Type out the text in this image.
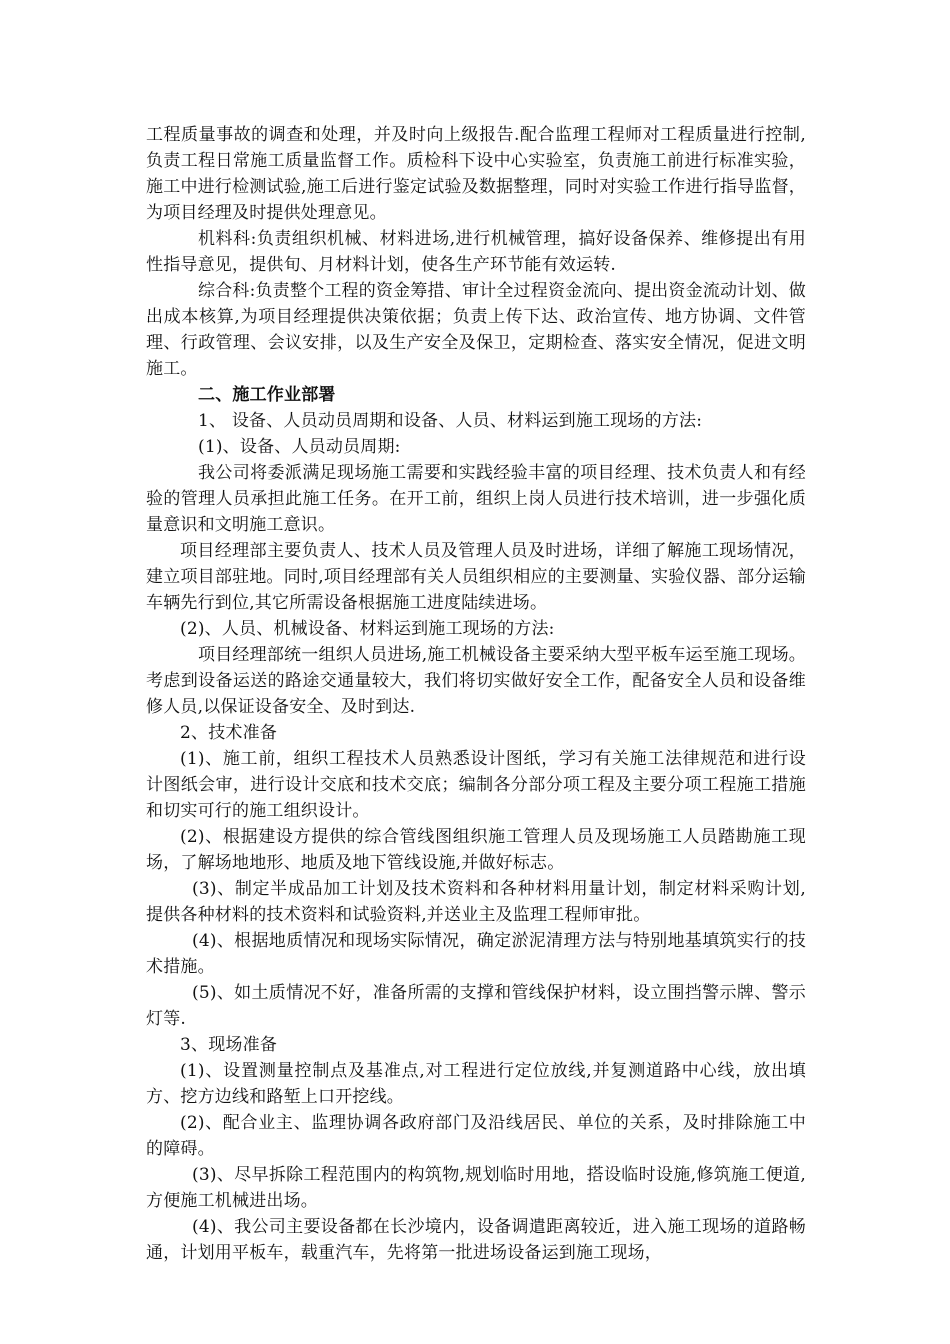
工程质量事故的调查和处理，并及时向上级报告.配合监理工程师对工程质量进行控制,负责工程日常施工质量监督工作。质检科下设中心实验室，负责施工前进行标准实验，施工中进行检测试验,施工后进行鉴定试验及数据整理，同时对实验工作进行指导监督，为项目经理及时提供处理意见。

机料科:负责组织机械、材料进场,进行机械管理，搞好设备保养、维修提出有用性指导意见，提供旬、月材料计划，使各生产环节能有效运转.

综合科:负责整个工程的资金筹措、审计全过程资金流向、提出资金流动计划、做出成本核算,为项目经理提供决策依据；负责上传下达、政治宣传、地方协调、文件管理、行政管理、会议安排，以及生产安全及保卫，定期检查、落实安全情况，促进文明施工。

二、施工作业部署

1、 设备、人员动员周期和设备、人员、材料运到施工现场的方法:

(1)、设备、人员动员周期:

我公司将委派满足现场施工需要和实践经验丰富的项目经理、技术负责人和有经验的管理人员承担此施工任务。在开工前，组织上岗人员进行技术培训，进一步强化质量意识和文明施工意识。

项目经理部主要负责人、技术人员及管理人员及时进场，详细了解施工现场情况，建立项目部驻地。同时,项目经理部有关人员组织相应的主要测量、实验仪器、部分运输车辆先行到位,其它所需设备根据施工进度陆续进场。

(2)、人员、机械设备、材料运到施工现场的方法:

项目经理部统一组织人员进场,施工机械设备主要采纳大型平板车运至施工现场。考虑到设备运送的路途交通量较大，我们将切实做好安全工作，配备安全人员和设备维修人员,以保证设备安全、及时到达.

2、技术准备

(1)、施工前，组织工程技术人员熟悉设计图纸，学习有关施工法律规范和进行设计图纸会审，进行设计交底和技术交底；编制各分部分项工程及主要分项工程施工措施和切实可行的施工组织设计。

(2)、根据建设方提供的综合管线图组织施工管理人员及现场施工人员踏勘施工现场，了解场地地形、地质及地下管线设施,并做好标志。

(3)、制定半成品加工计划及技术资料和各种材料用量计划，制定材料采购计划,提供各种材料的技术资料和试验资料,并送业主及监理工程师审批。

(4)、根据地质情况和现场实际情况，确定淤泥清理方法与特别地基填筑实行的技术措施。

(5)、如土质情况不好，准备所需的支撑和管线保护材料，设立围挡警示牌、警示灯等.

3、现场准备

(1)、设置测量控制点及基准点,对工程进行定位放线,并复测道路中心线，放出填方、挖方边线和路堑上口开挖线。

(2)、配合业主、监理协调各政府部门及沿线居民、单位的关系，及时排除施工中的障碍。

(3)、尽早拆除工程范围内的构筑物,规划临时用地，搭设临时设施,修筑施工便道,方便施工机械进出场。

(4)、我公司主要设备都在长沙境内，设备调遣距离较近，进入施工现场的道路畅通，计划用平板车，载重汽车，先将第一批进场设备运到施工现场，
